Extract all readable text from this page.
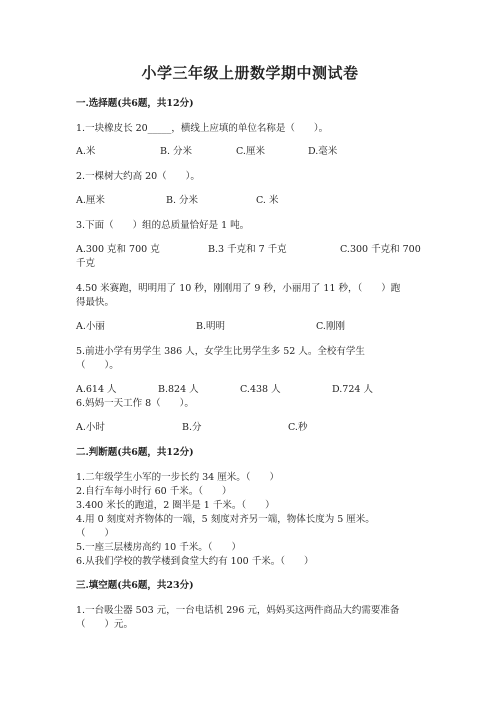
小学三年级上册数学期中测试卷
一.选择题(共6题，共12分)
1.一块橡皮长 20_____，横线上应填的单位名称是（　　）。
A.米	B. 分米	C.厘米	D.毫米
2.一棵树大约高 20（　　）。
A.厘米	B. 分米	C. 米
3.下面（　　）组的总质量恰好是 1 吨。
A.300 克和 700 克	B.3 千克和 7 千克	C.300 千克和 700
千克
4.50 米赛跑，明明用了 10 秒，刚刚用了 9 秒，小丽用了 11 秒，（　　）跑
得最快。
A.小丽	B.明明	C.刚刚
5.前进小学有男学生 386 人，女学生比男学生多 52 人。全校有学生
（　　）。
A.614 人	B.824 人	C.438 人	D.724 人
6.妈妈一天工作 8（　　）。
A.小时	B.分	C.秒
二.判断题(共6题，共12分)
1.二年级学生小军的一步长约 34 厘米。（　　）
2.自行车每小时行 60 千米。（　　）
3.400 米长的跑道，2 圈半是 1 千米。（　　）
4.用 0 刻度对齐物体的一端，5 刻度对齐另一端，物体长度为 5 厘米。
（　　）
5.一座三层楼房高约 10 千米。（　　）
6.从我们学校的教学楼到食堂大约有 100 千米。（　　）
三.填空题(共6题，共23分)
1.一台吸尘器 503 元，一台电话机 296 元，妈妈买这两件商品大约需要准备
（　　）元。
